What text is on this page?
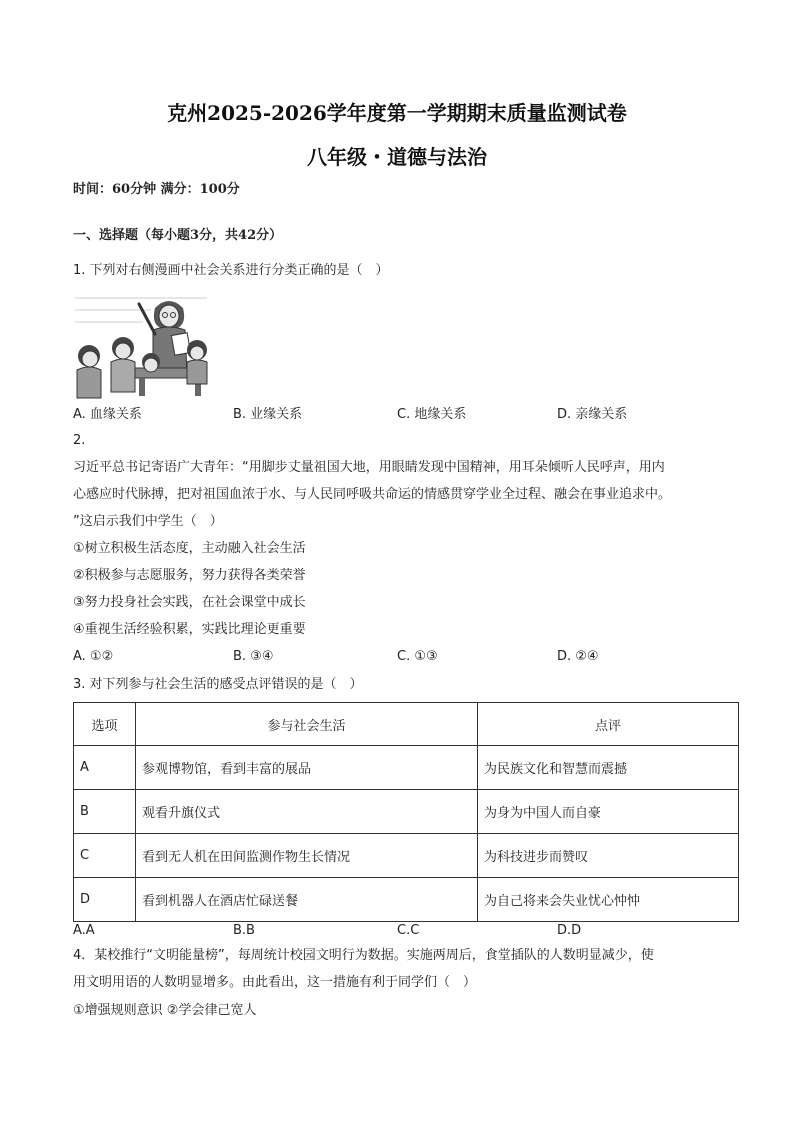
克州2025-2026学年度第一学期期末质量监测试卷
八年级・道德与法治
时间：60分钟 满分：100分
一、选择题（每小题3分，共42分）
1. 下列对右侧漫画中社会关系进行分类正确的是（　）
A. 血缘关系	B. 业缘关系	C. 地缘关系	D. 亲缘关系
2.
习近平总书记寄语广大青年：“用脚步丈量祖国大地，用眼睛发现中国精神，用耳朵倾听人民呼声，用内
心感应时代脉搏，把对祖国血浓于水、与人民同呼吸共命运的情感贯穿学业全过程、融会在事业追求中。
”这启示我们中学生（　）
①树立积极生活态度，主动融入社会生活
②积极参与志愿服务，努力获得各类荣誉
③努力投身社会实践，在社会课堂中成长
④重视生活经验积累，实践比理论更重要
A. ①②	B. ③④	C. ①③	D. ②④
3. 对下列参与社会生活的感受点评错误的是（　）
选项	参与社会生活	点评
A	参观博物馆，看到丰富的展品	为民族文化和智慧而震撼
B	观看升旗仪式	为身为中国人而自豪
C	看到无人机在田间监测作物生长情况	为科技进步而赞叹
D	看到机器人在酒店忙碌送餐	为自己将来会失业忧心忡忡
A.A	B.B	C.C	D.D
4．某校推行“文明能量榜”，每周统计校园文明行为数据。实施两周后，食堂插队的人数明显减少，使
用文明用语的人数明显增多。由此看出，这一措施有利于同学们（　）
①增强规则意识 ②学会律己宽人
